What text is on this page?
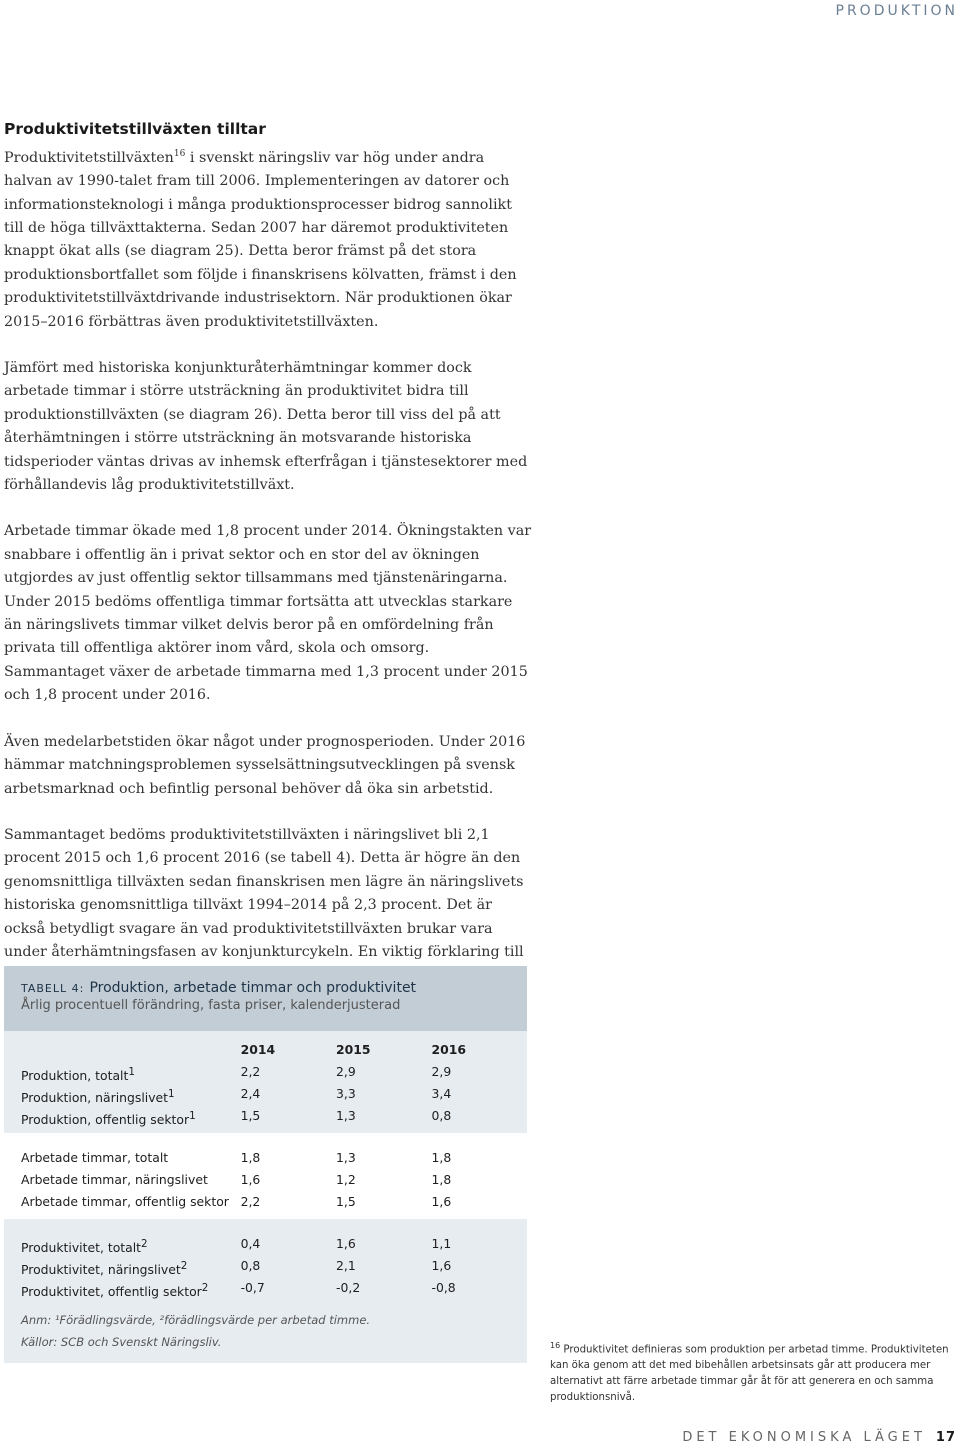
PRODUKTION
Produktivitetstillväxten tilltar

Produktivitetstillväxten$^{16}$ i svenskt näringsliv var hög under andra halvan av 1990-talet fram till 2006. Implementeringen av datorer och informationsteknologi i många produktionsprocesser bidrog sannolikt till de höga tillväxttakterna. Sedan 2007 har däremot produktiviteten knappt ökat alls (se diagram 25). Detta beror främst på det stora produktionsbortfallet som följde i finanskrisens kölvatten, främst i den produktivitetstillväxtdrivande industrisektorn. När produktionen ökar 2015–2016 förbättras även produktivitetstillväxten.

Jämfört med historiska konjunkturåterhämtningar kommer dock arbetade timmar i större utsträckning än produktivitet bidra till produktionstillväxten (se diagram 26). Detta beror till viss del på att återhämtningen i större utsträckning än motsvarande historiska tidsperioder väntas drivas av inhemsk efterfrågan i tjänstesektorer med förhållandevis låg produktivitetstillväxt.

Arbetade timmar ökade med 1,8 procent under 2014. Ökningstakten var snabbare i offentlig än i privat sektor och en stor del av ökningen utgjordes av just offentlig sektor tillsammans med tjänstenäringarna. Under 2015 bedöms offentliga timmar fortsätta att utvecklas starkare än näringslivets timmar vilket delvis beror på en omfördelning från privata till offentliga aktörer inom vård, skola och omsorg. Sammantaget växer de arbetade timmarna med 1,3 procent under 2015 och 1,8 procent under 2016.

Även medelarbetstiden ökar något under prognosperioden. Under 2016 hämmar matchningsproblemen sysselsättningsutvecklingen på svensk arbetsmarknad och befintlig personal behöver då öka sin arbetstid.

Sammantaget bedöms produktivitetstillväxten i näringslivet bli 2,1 procent 2015 och 1,6 procent 2016 (se tabell 4). Detta är högre än den genomsnittliga tillväxten sedan finanskrisen men lägre än näringslivets historiska genomsnittliga tillväxt 1994–2014 på 2,3 procent. Det är också betydligt svagare än vad produktivitetstillväxten brukar vara under återhämtningsfasen av konjunkturcykeln. En viktig förklaring till

TABELL 4: Produktion, arbetade timmar och produktivitet
Årlig procentuell förändring, fasta priser, kalenderjusterad
2014	2015	2016
Produktion, totalt$^1$	2,2	2,9	2,9
Produktion, näringslivet$^1$	2,4	3,3	3,4
Produktion, offentlig sektor$^1$	1,5	1,3	0,8
Arbetade timmar, totalt	1,8	1,3	1,8
Arbetade timmar, näringslivet	1,6	1,2	1,8
Arbetade timmar, offentlig sektor 2,2	1,5	1,6
Produktivitet, totalt$^2$	0,4	1,6	1,1
Produktivitet, näringslivet$^2$	0,8	2,1	1,6
Produktivitet, offentlig sektor$^2$	-0,7	-0,2	-0,8
Anm: ¹Förädlingsvärde, ²förädlingsvärde per arbetad timme.
Källor: SCB och Svenskt Näringsliv.	$^{16}$ Produktivitet definieras som produktion per arbetad timme. Produktiviteten kan öka genom att det med bibehållen arbetsinsats går att producera mer alternativt att färre arbetade timmar går åt för att generera en och samma produktionsnivå.
DET EKONOMISKA LÄGET 17
